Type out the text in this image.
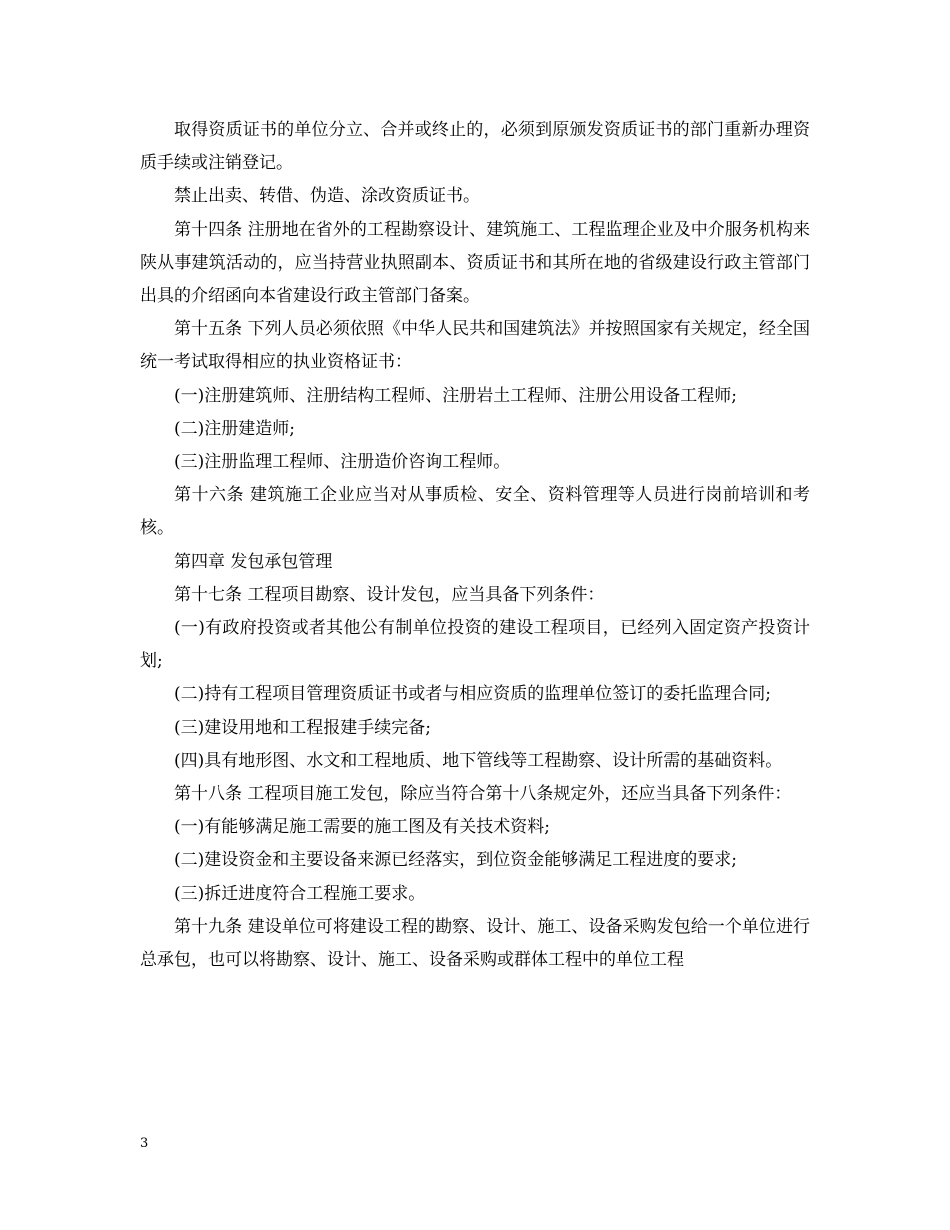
取得资质证书的单位分立、合并或终止的，必须到原颁发资质证书的部门重新办理资质手续或注销登记。

禁止出卖、转借、伪造、涂改资质证书。

第十四条 注册地在省外的工程勘察设计、建筑施工、工程监理企业及中介服务机构来陕从事建筑活动的，应当持营业执照副本、资质证书和其所在地的省级建设行政主管部门出具的介绍函向本省建设行政主管部门备案。

第十五条 下列人员必须依照《中华人民共和国建筑法》并按照国家有关规定，经全国统一考试取得相应的执业资格证书：

(一)注册建筑师、注册结构工程师、注册岩土工程师、注册公用设备工程师;

(二)注册建造师;

(三)注册监理工程师、注册造价咨询工程师。

第十六条 建筑施工企业应当对从事质检、安全、资料管理等人员进行岗前培训和考核。

第四章 发包承包管理

第十七条 工程项目勘察、设计发包，应当具备下列条件：

(一)有政府投资或者其他公有制单位投资的建设工程项目，已经列入固定资产投资计划;

(二)持有工程项目管理资质证书或者与相应资质的监理单位签订的委托监理合同;

(三)建设用地和工程报建手续完备;

(四)具有地形图、水文和工程地质、地下管线等工程勘察、设计所需的基础资料。

第十八条 工程项目施工发包，除应当符合第十八条规定外，还应当具备下列条件：

(一)有能够满足施工需要的施工图及有关技术资料;

(二)建设资金和主要设备来源已经落实，到位资金能够满足工程进度的要求;

(三)拆迁进度符合工程施工要求。

第十九条 建设单位可将建设工程的勘察、设计、施工、设备采购发包给一个单位进行总承包，也可以将勘察、设计、施工、设备采购或群体工程中的单位工程

3
